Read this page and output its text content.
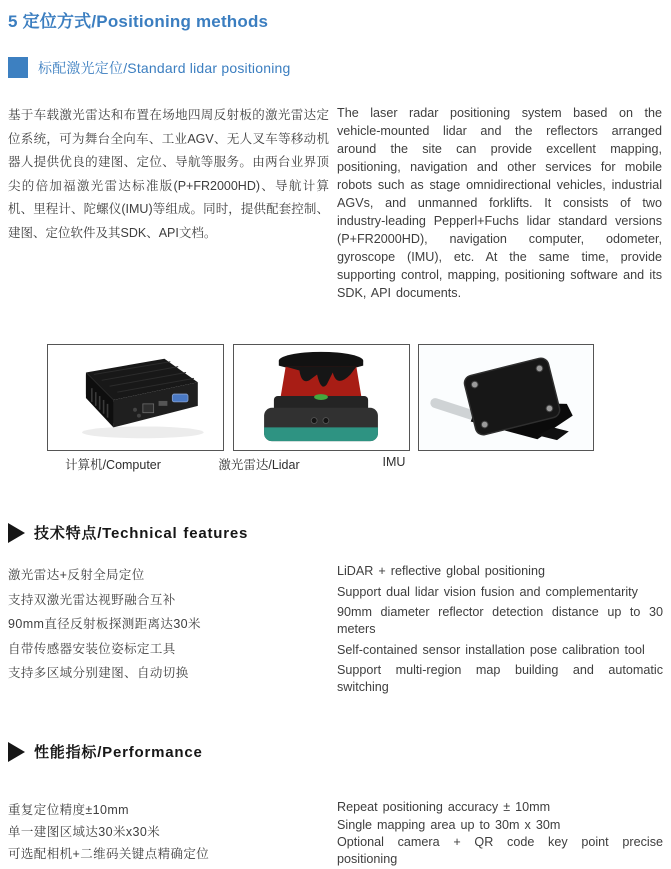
5 定位方式/Positioning methods
标配激光定位/Standard lidar positioning
基于车载激光雷达和布置在场地四周反射板的激光雷达定位系统，可为舞台全向车、工业AGV、无人叉车等移动机器人提供优良的建图、定位、导航等服务。由两台业界顶尖的倍加福激光雷达标准版(P+FR2000HD)、导航计算机、里程计、陀螺仪(IMU)等组成。同时，提供配套控制、建图、定位软件及其SDK、API文档。
The laser radar positioning system based on the vehicle-mounted lidar and the reflectors arranged around the site can provide excellent mapping, positioning, navigation and other services for mobile robots such as stage omnidirectional vehicles, industrial AGVs, and unmanned forklifts. It consists of two industry-leading Pepperl+Fuchs lidar standard versions (P+FR2000HD), navigation computer, odometer, gyroscope (IMU), etc. At the same time, provide supporting control, mapping, positioning software and its SDK, API documents.
计算机/Computer	激光雷达/Lidar	IMU
技术特点/Technical features
激光雷达+反射全局定位
支持双激光雷达视野融合互补
90mm直径反射板探测距离达30米
自带传感器安装位姿标定工具
支持多区域分别建图、自动切换
LiDAR + reflective global positioning
Support dual lidar vision fusion and complementarity
90mm diameter reflector detection distance up to 30 meters
Self-contained sensor installation pose calibration tool
Support multi-region map building and automatic switching
性能指标/Performance
重复定位精度±10mm
单一建图区域达30米x30米
可选配相机+二维码关键点精确定位
Repeat positioning accuracy ± 10mm
Single mapping area up to 30m x 30m
Optional camera + QR code key point precise positioning
